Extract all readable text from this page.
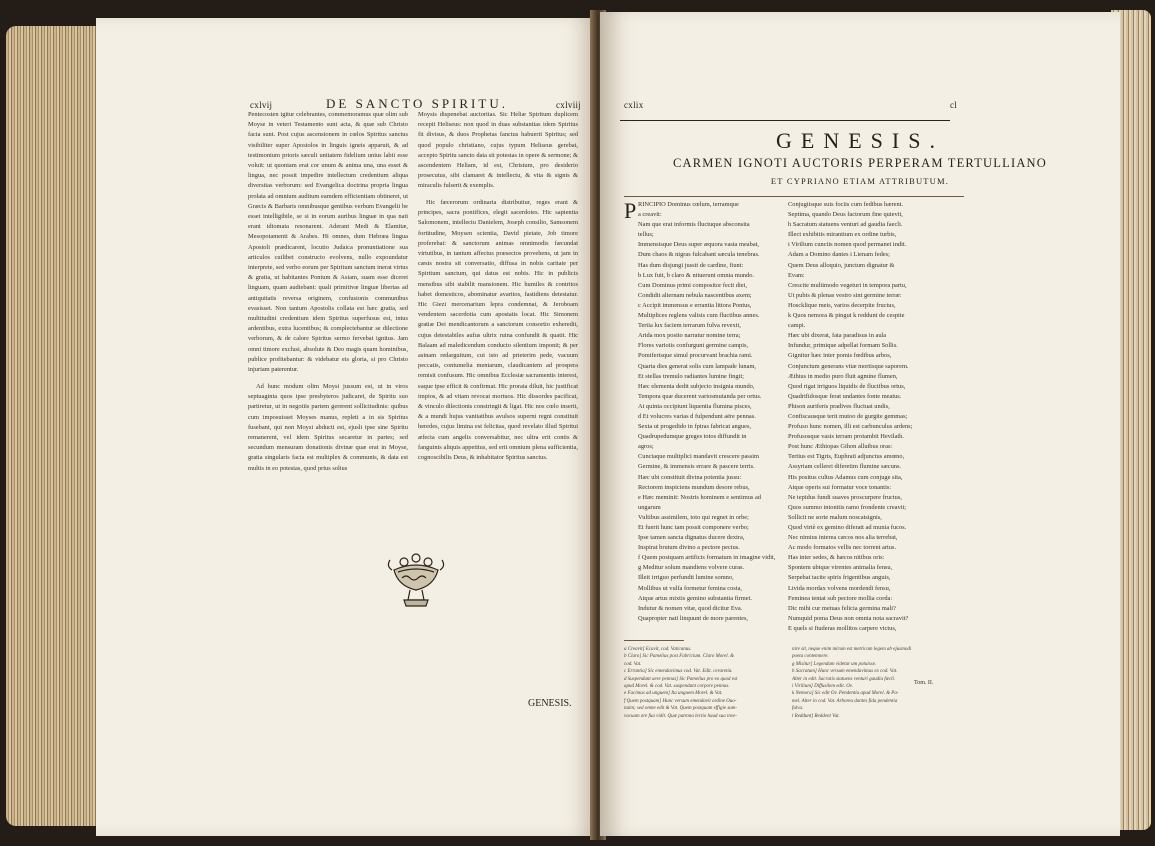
cxlvij	DE SANCTO SPIRITU.	cxlviij

Pentecosten igitur celebrantes, commemoramus quæ olim sub Moyse in veteri Testamento sunt acta, & quæ sub Christo facta sunt. Post cujus ascensionem in cœlos Spiritus sanctus visibiliter super Apostolos in linguis igneis apparuit, & ad testimonium prioris sæculi unitatem fidelium unius labii esse voluit: ut quoniam erat cor unum & anima una, una esset & lingua, nec possit impedire intellectum credentium aliqua diversitas verborum: sed Evangelica doctrina propria lingua prolata ad omnium auditum eamdem efficientiam obtineret, ut Græcis & Barbaris omnibusque gentibus verbum Evangelii be esset intelligibile, se si in eorum auribus linguæ in qua nati erant idiomata resonarent. Aderant Medi & Elamitæ, Mesopotamenti & Arabes. Hi omnes, dum Hebræa lingua Apostoli prædicarent, locutio Judaica pronuntiatione sua articulos cuilibet constructo evolvens, nullo expoundatur interprete, sed verbo eorum per Spiritum sanctum inerat virtus & gratia, ut habitantes Pontum & Asiam, suam esse diceret linguam, quam audiebant: quali primitivæ linguæ libertas ad antiquitatis reversa originem, confusionis communibus evasisset. Non tantum Apostolis collata est hæc gratia, sed multitudini credentium idem Spiritus superfusus est, intus ardentibus, extra lucentibus; & complectebantur se dilectione verborum, & de calore Spiritus sermo fervebat ignitus. Jam omni timore exclusi, absolute & Deo magis quam hominibus, publice profitebantur: & videbatur eis gloria, si pro Christo injuriam paterentur.

Ad hunc modum olim Moysi jussum est, ut in viros septuaginta quos ipse presbyteros judicaret, de Spiritu suo partiretur, ut in negotiis partem gererent sollicitudinis: quibus cum imposuisset Moyses manus, repleti a in sis Spiritus fusebant, qui non Moysi abducti est, ejusli ipse sine Spiritu remanerent, vel idem Spiritus secaretur in partes; sed secundum mensuram donationis divinæ quæ erat in Moyse, gratia singularis facta est multiplex & communis, & data est multis in eo potestas, quod prius solius

Moysis dispenebat auctoritas. Sic Heliæ Spiritum duplicem recepit Heliseus: non quod in duas substantias idem Spiritus fit divisus, & duos Prophetas fanctus habuerit Spiritus; sed quod populo christiano, cujus typum Heliseus gerebat, accepto Spiritu sancto data sit potestas in opere & sermone; & ascendentem Heliam, id est, Christum, pro desiderio prosecutus, sibi clamaret & intellectu, & vita & signis & miraculis fulserit & exemplis.

Hic fæcerorum ordinaria distribuitur, reges erant & principes, sacra pontifices, elegit sacerdotes. Hic sapientia Salomonem, intellectu Danielem, Joseph consilio, Samsonem fortitudine, Moysen scientia, David pietate, Job timore proferebat: & sanctorum animas omnimodis fæcundat virtutibus, in tantum affectus præsectos provehens, ut jam in cæsis nostra sit conversatio, diffusa in nobis caritate per Spiritum sanctum, qui datus est nobis. Hic in publicis mensibus sibi stabilit mansionem. Hic humiles & contritos habet domesticos, abominatur avaritos, fastidiens detestatur. Hic Giezi mercenarium lepra condemnat, & Jeroboam vendentem sacerdotia cum apostatis locat. Hic Simonem gratiæ Dei mendicantorum a sanctorum consortio exheredit, cujus detestabiles aufus ultrix ruina confundit & quatit. Hic Balaam ad maledicendum conducto silentium imponit; & per asinam redarguitum, cui isto ad prieterim pede, vacuum peccatis, contumelia mentarum, claudicantem ad prospera remisit confusum. Hic omnibus Ecclesiæ sacramentis interest, eaque ipse efficit & confirmat. Hic prorata diluit, hic justificat impios, & ad vitam revocat mortuos. Hic dissordes pacificat, & vinculo dilectionis constringit & ligat. Hic nos cœlo inserit, & a mundi hujus vanitatibus avulsos superni regni constituit heredes, cujus limina est felicitas, quod revelato illud Spiritui æfecta cum angelis conversabitur, nec ultra erit contis & fanguinis aliquis appetitus, sed erit omnium plena sufficientia, cognoscibilis Deus, & inhabitator Spiritus sanctus.

GENESIS.
cxlix	cl
GENESIS.
CARMEN IGNOTI AUCTORIS PERPERAM TERTULLIANO
ET CYPRIANO ETIAM ATTRIBUTUM.
P RINCIPIO Dominus cœlum, terramque
a creavit:
Nam que erat informis fluctuque absconsita
tellus;
Immensisque Deus super æquora vasta meabat,
Dum chaos & nigras fulcabant sæcula tenebras.
Has dum disjungi jussit de cardine, fiunt:
b Lux fuit, b claro & nituerunt omnia mundo.
Cum Dominus primi compositor fecit diei,
Condidit alternam nebula nascentibus axem;
c Accipit immensus e errantia littora Pontus,
Multiplices reglens valisis cum fluctibus annes.
Tertia lux faciem terrarum fulva revexit,
Arida mox posito narratur nomine terra;
Flores varioiis confurgunt germine campis,
Pomiferisque simul procurvant brachia rami.
Quarta dies generat solis cum lampade lunam,
Et stellas tremulo radiantes lumine fingit;
Hæc elementa dedit subjecto insignia mundo,
Tempora quæ ducerent variosmutanda per ortus.
At quinta occipiunt liquentia flumina pisces,
d Et volucres varias d fulpendunt aëre pennas.
Sexta ut progedido in fpiras fabricat angues,
Quadrupedumque greges totos diffundit in
agros;
Cunctaque multiplici mandavit crescere passim
Germine, & immensis errare & pascere terris.
Hæc ubi constituit divina potentia jussu:
Rectorem inspiciens mundum desore rebus,
e Hæc meminit: Nostris hominem e sentimus ad
ungarum
Vultibus assimilem, toto qui regnet in orbe;
Et fuerit hunc tam possit componere verbo;
Ipse tamen sancta dignatus ducere dextra,
Inspirat brutum divino a pectore pectus.
f Quem postquam artificis formatum in imagine vidit,
g Meditur solum mandiens volvere curas.
Illeit irriguo perfundit lumine somno,
Mollibus ut vulfa formetur femina costa,
Atque artus mixtis gemino substantia firmet.
Indutur & nomen vitæ, quod dicitur Eva.
Quapropter nati linquunt de more parentes,
Conjugiisque suis fociis cum fedibus hærent.
Septima, quando Deus factorum fine quievit,
h Sacratum statuens venturi ad gaudia faecli.
Illect exhibitis mirantium ex ordine turbis,
i Virilium cunctis nomen quod permanet indit.
Adam a Domino dantes i Lienam fedes;
Quem Deus alloquio, junctum dignatur &
Evam:
Crescite multimodo vegeturi in tempora partu,
Ut pubis & plenas vestro sint germine terræ:
Hoscklique meis, varios decerpite fructus,
k Quos nemora & pingui k reddunt de cespite
campi.
Hæc ubi dixerat, fata paradisus in aula
Infundur, primique adpellat formam Sollis.
Gignitur hæc inter pomis fœdibus arbos,
Conjunctum generans vitæ mortisque saporem.
Æthius in medio puro fluit agmine flumen,
Quod rigat irriguos liquidis de fluctibus ortus,
Quadrifidosque ferat undantes fonte meatus.
Phison auriferis pradives fluctuat undis,
Confiscausque terit mutoo de gurgite gemmas;
Profuso hunc nomen, illi est carbunculus ardens;
Profusosque vasis terram protambit Hevilath.
Post hunc Æthiopas Gihon alluibus oras:
Tertius est Tigris, Euphrati adjunctus amœno,
Assyriam cellerei diferetim flumine sæcuns.
His positus cultus Adamus cum conjuge sita,
Atque operis sui formatur voce tonantis:
Ne tepidus fundi suaves proscurpere fructus,
Quos summo intonitis ramo frondente creavit;
Sollicit ne sorte malum noscatsignis,
Quod virtè ex gemino diferatt ad munia fucos.
Nec nimius interea cæcos nos alia terrebat,
Ac modo formatos vellis nec torrent artus.
Has inter sedes, & hæcos nitibus oris:
Spontem ubique virentes animalia fensu,
Serpebat tacite spiris frigentibus anguis,
Livida mordax volvens mordendi fensu,
Feminea tentat sub pectore mollia corda:
Dic mihi cur metuas felicia germina mali?
Numquid poma Deus non omnia nota sacravit?
E quels si ftuderas mollitos carpere victus,
a Creavit] Ecavit, cod. Vaticanus.
b Claro] Sic Pamelius post Fabricium. Claro Morel. &
cod. Vat.
c Errantia] Sic emendavimus cod. Vat. Edit. ceraretia.
d Suspendunt aere pennas] Sic Pamelius pro eo quod est
apud Morel. & cod. Vat. suspendunt corpore pennas.
e Facimus ad unguem] Ita unguem Morel. & Vat.
f Quem postquam] Hunc versum emendavit ordine Ouo-
nuim; sed omne edit & Vat. Quem postquam effigie sum-
vacuam ore fua vidit. Quæ patrona lectio haud sua inve-
nire sit, neque enim mirum est metricam legem ab ejusmodi
poeta contemnere.
g Misitur] Legendum videtur um potuisse.
h Sacratum] Hunc versum emendavimus ex cod. Vat.
Alter in edit. Sacratis statuens venturi gaudia fæcli.
i Virilium] Diffusilem edit. Ov.
k Nemora] Sic edit Ov. Pendentia apud Morel. & Pa-
mel. Alter in cod. Vat. Arborea dantes fida pendentia
fulva.
l Reddunt] Reddent Vat.
Tom. II.
